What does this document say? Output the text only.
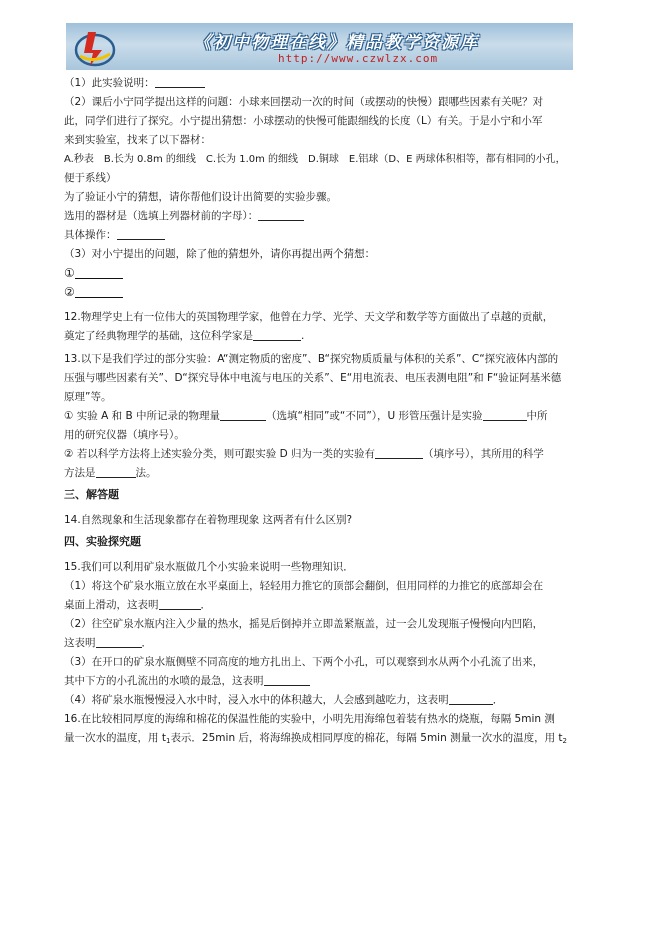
《初中物理在线》精品教学资源库
http://www.czwlzx.com
（1）此实验说明：
（2）课后小宁同学提出这样的问题：小球来回摆动一次的时间（或摆动的快慢）跟哪些因素有关呢？对
此，同学们进行了探究。小宁提出猜想：小球摆动的快慢可能跟细线的长度（L）有关。于是小宁和小军
来到实验室，找来了以下器材：
A.秒表　B.长为 0.8m 的细线　C.长为 1.0m 的细线　D.铜球　E.铝球（D、E 两球体积相等，都有相同的小孔，
便于系线）
为了验证小宁的猜想，请你帮他们设计出简要的实验步骤。
选用的器材是（选填上列器材前的字母）：
具体操作：
（3）对小宁提出的问题，除了他的猜想外，请你再提出两个猜想：
①
②
12.物理学史上有一位伟大的英国物理学家，他曾在力学、光学、天文学和数学等方面做出了卓越的贡献，
奠定了经典物理学的基础，这位科学家是	.
13.以下是我们学过的部分实验：A“测定物质的密度”、B“探究物质质量与体积的关系”、C“探究液体内部的
压强与哪些因素有关”、D“探究导体中电流与电压的关系”、E“用电流表、电压表测电阻”和 F“验证阿基米德
原理”等。
① 实验 A 和 B 中所记录的物理量	（选填“相同”或“不同”），U 形管压强计是实验	中所
用的研究仪器（填序号）。
② 若以科学方法将上述实验分类，则可跟实验 D 归为一类的实验有	（填序号），其所用的科学
方法是	法。
三、解答题
14.自然现象和生活现象都存在着物理现象 这两者有什么区别?
四、实验探究题
15.我们可以利用矿泉水瓶做几个小实验来说明一些物理知识．
（1）将这个矿泉水瓶立放在水平桌面上，轻轻用力推它的顶部会翻倒，但用同样的力推它的底部却会在
桌面上滑动，这表明	．
（2）往空矿泉水瓶内注入少量的热水，摇晃后倒掉并立即盖紧瓶盖，过一会儿发现瓶子慢慢向内凹陷，
这表明	．
（3）在开口的矿泉水瓶侧壁不同高度的地方扎出上、下两个小孔，可以观察到水从两个小孔流了出来，
其中下方的小孔流出的水喷的最急，这表明
（4）将矿泉水瓶慢慢浸入水中时，浸入水中的体积越大，人会感到越吃力，这表明	．
16.在比较相同厚度的海绵和棉花的保温性能的实验中，小明先用海绵包着装有热水的烧瓶，每隔 5min 测
量一次水的温度，用 $t_1$表示．25min 后，将海绵换成相同厚度的棉花，每隔 5min 测量一次水的温度，用 $t_2$
